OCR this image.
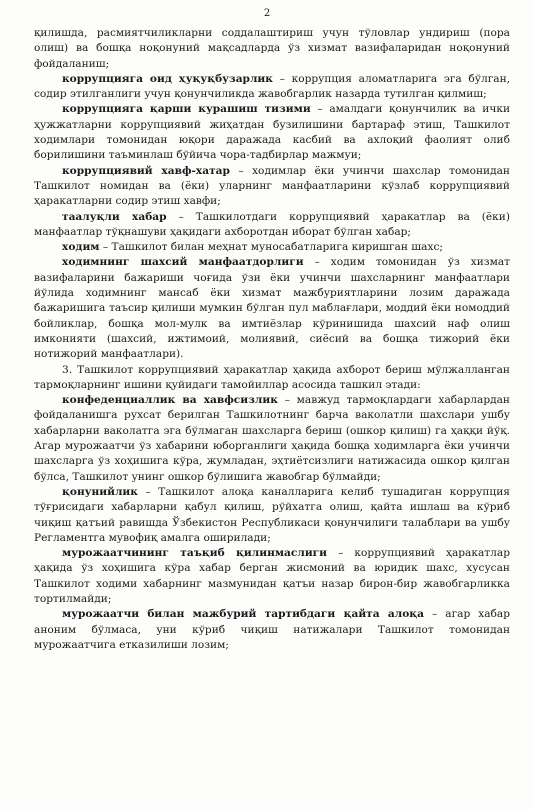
2

қилишда, расмиятчиликларни соддалаштириш учун тўловлар ундириш (пора олиш) ва бошқа ноқонуний мақсадларда ўз хизмат вазифаларидан ноқонуний фойдаланиш;

коррупцияга оид ҳуқуқбузарлик – коррупция аломатларига эга бўлган, содир этилганлиги учун қонунчиликда жавобгарлик назарда тутилган қилмиш;

коррупцияга қарши курашиш тизими – амалдаги қонунчилик ва ички ҳужжатларни коррупциявий жиҳатдан бузилишини бартараф этиш, Ташкилот ходимлари томонидан юқори даражада касбий ва ахлоқий фаолият олиб борилишини таъминлаш бўйича чора-тадбирлар мажмуи;

коррупциявий хавф-хатар – ходимлар ёки учинчи шахслар томонидан Ташкилот номидан ва (ёки) уларнинг манфаатларини кўзлаб коррупциявий ҳаракатларни содир этиш хавфи;

таалуқли хабар – Ташкилотдаги коррупциявий ҳаракатлар ва (ёки) манфаатлар тўқнашуви ҳақидаги ахборотдан иборат бўлган хабар;

ходим – Ташкилот билан меҳнат муносабатларига киришган шахс;

ходимнинг шахсий манфаатдорлиги – ходим томонидан ўз хизмат вазифаларини бажариши чоғида ўзи ёки учинчи шахсларнинг манфаатлари йўлида ходимнинг мансаб ёки хизмат мажбуриятларини лозим даражада бажаришига таъсир қилиши мумкин бўлган пул маблағлари, моддий ёки номоддий бойликлар, бошқа мол-мулк ва имтиёзлар кўринишида шахсий наф олиш имконияти (шахсий, ижтимоий, молиявий, сиёсий ва бошқа тижорий ёки нотижорий манфаатлари).

3. Ташкилот коррупциявий ҳаракатлар ҳақида ахборот бериш мўлжалланган тармоқларнинг ишини қуйидаги тамойиллар асосида ташкил этади:

конфеденциаллик ва хавфсизлик – мавжуд тармоқлардаги хабарлардан фойдаланишга рухсат берилган Ташкилотнинг барча ваколатли шахслари ушбу хабарларни ваколатга эга бўлмаган шахсларга бериш (ошкор қилиш) га ҳаққи йўқ. Агар мурожаатчи ўз хабарини юборганлиги ҳақида бошқа ходимларга ёки учинчи шахсларга ўз хоҳишига кўра, жумладан, эҳтиётсизлиги натижасида ошкор қилган бўлса, Ташкилот унинг ошкор бўлишига жавобгар бўлмайди;

қонунийлик – Ташкилот алоқа каналларига келиб тушадиган коррупция тўғрисидаги хабарларни қабул қилиш, рўйхатга олиш, қайта ишлаш ва кўриб чиқиш қатъий равишда Ўзбекистон Республикаси қонунчилиги талаблари ва ушбу Регламентга мувофиқ амалга оширилади;

мурожаатчининг таъқиб қилинмаслиги – коррупциявий ҳаракатлар ҳақида ўз хоҳишига кўра хабар берган жисмоний ва юридик шахс, хусусан Ташкилот ходими хабарнинг мазмунидан қатъи назар бирон-бир жавобгарликка тортилмайди;

мурожаатчи билан мажбурий тартибдаги қайта алоқа – агар хабар аноним бўлмаса, уни кўриб чиқиш натижалари Ташкилот томонидан мурожаатчига етказилиши лозим;
